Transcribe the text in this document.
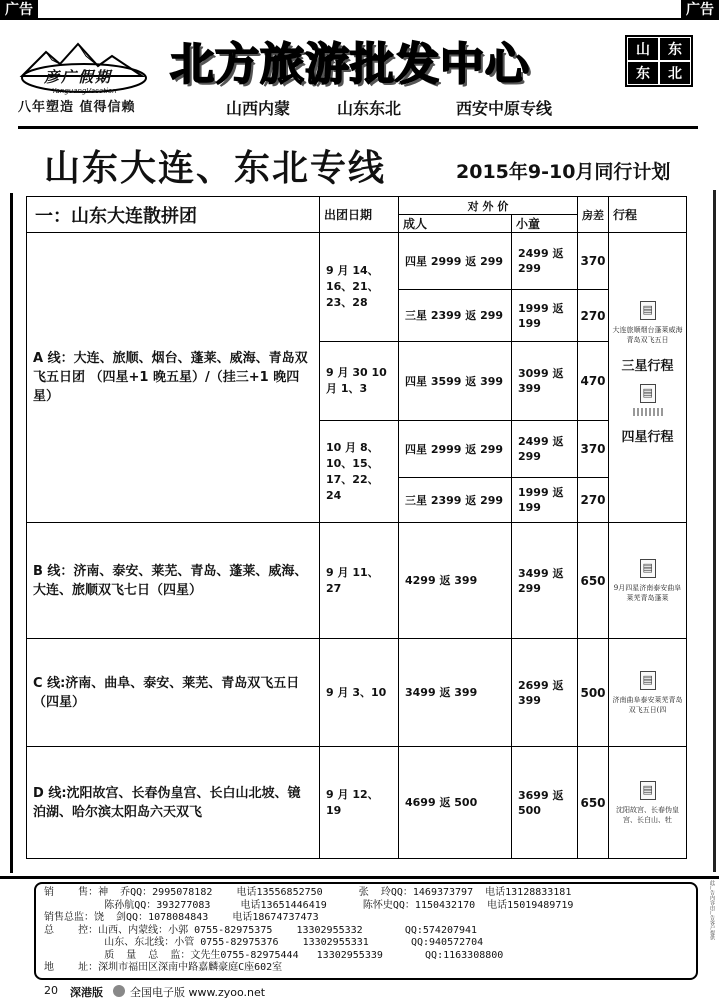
广告	广告
彦广假期
YanguangVacation
八年塑造 值得信赖
北方旅游批发中心
山西内蒙	山东东北	西安中原专线
山	东
东	北
山东大连、东北专线	2015年9-10月同行计划
一：山东大连散拼团	出团日期	对 外 价		房差	行程
		成人	小童		
A 线：大连、旅顺、烟台、蓬莱、威海、青岛双飞五日团 （四星+1 晚五星）/（挂三+1 晚四星）	9 月 14、16、21、23、28	四星 2999 返 299	2499 返 299	370	▤
大连旅顺烟台蓬莱威海青岛双飞五日
三星行程
▤
四星行程

		三星 2399 返 299	1999 返 199	270	
	9 月 30 10 月 1、3	四星 3599 返 399	3099 返 399	470	
	10 月 8、10、15、17、22、24	四星 2999 返 299	2499 返 299	370	
		三星 2399 返 299	1999 返 199	270	
B 线：济南、泰安、莱芜、青岛、蓬莱、威海、大连、旅顺双飞七日（四星）	9 月 11、27	4299 返 399	3499 返 299	650	▤
9月四星济南泰安曲阜莱芜青岛蓬莱

C 线:济南、曲阜、泰安、莱芜、青岛双飞五日（四星）	9 月 3、10	3499 返 399	2699 返 399	500	▤
济南曲阜泰安莱芜青岛双飞五日(四

D 线:沈阳故宫、长春伪皇宫、长白山北坡、镜泊湖、哈尔滨太阳岛六天双飞	9 月 12、19	4699 返 500	3699 返 500	650	▤
沈阳故宫、长春伪皇宫、长白山、牡
销    售：神  乔QQ：2995078182    电话13556852750      张  玲QQ：1469373797  电话13128833181
陈孙航QQ：393277083     电话13651446419      陈怀史QQ：1150432170  电话15019489719
销售总监：饶  剑QQ：1078084843    电话18674737473
总    控：山西、内蒙线：小郭 0755-82975375    13302955332       QQ:574207941
山东、东北线：小管 0755-82975376    13302955331       QQ:940572704
质  量  总  监：文先生0755-82975444   13302955339       QQ:1163308800
地    址：深圳市福田区深南中路嘉麟豪庭C座602室
此广告内容由广告客户提供
20 深港版 全国电子版 www.zyoo.net
